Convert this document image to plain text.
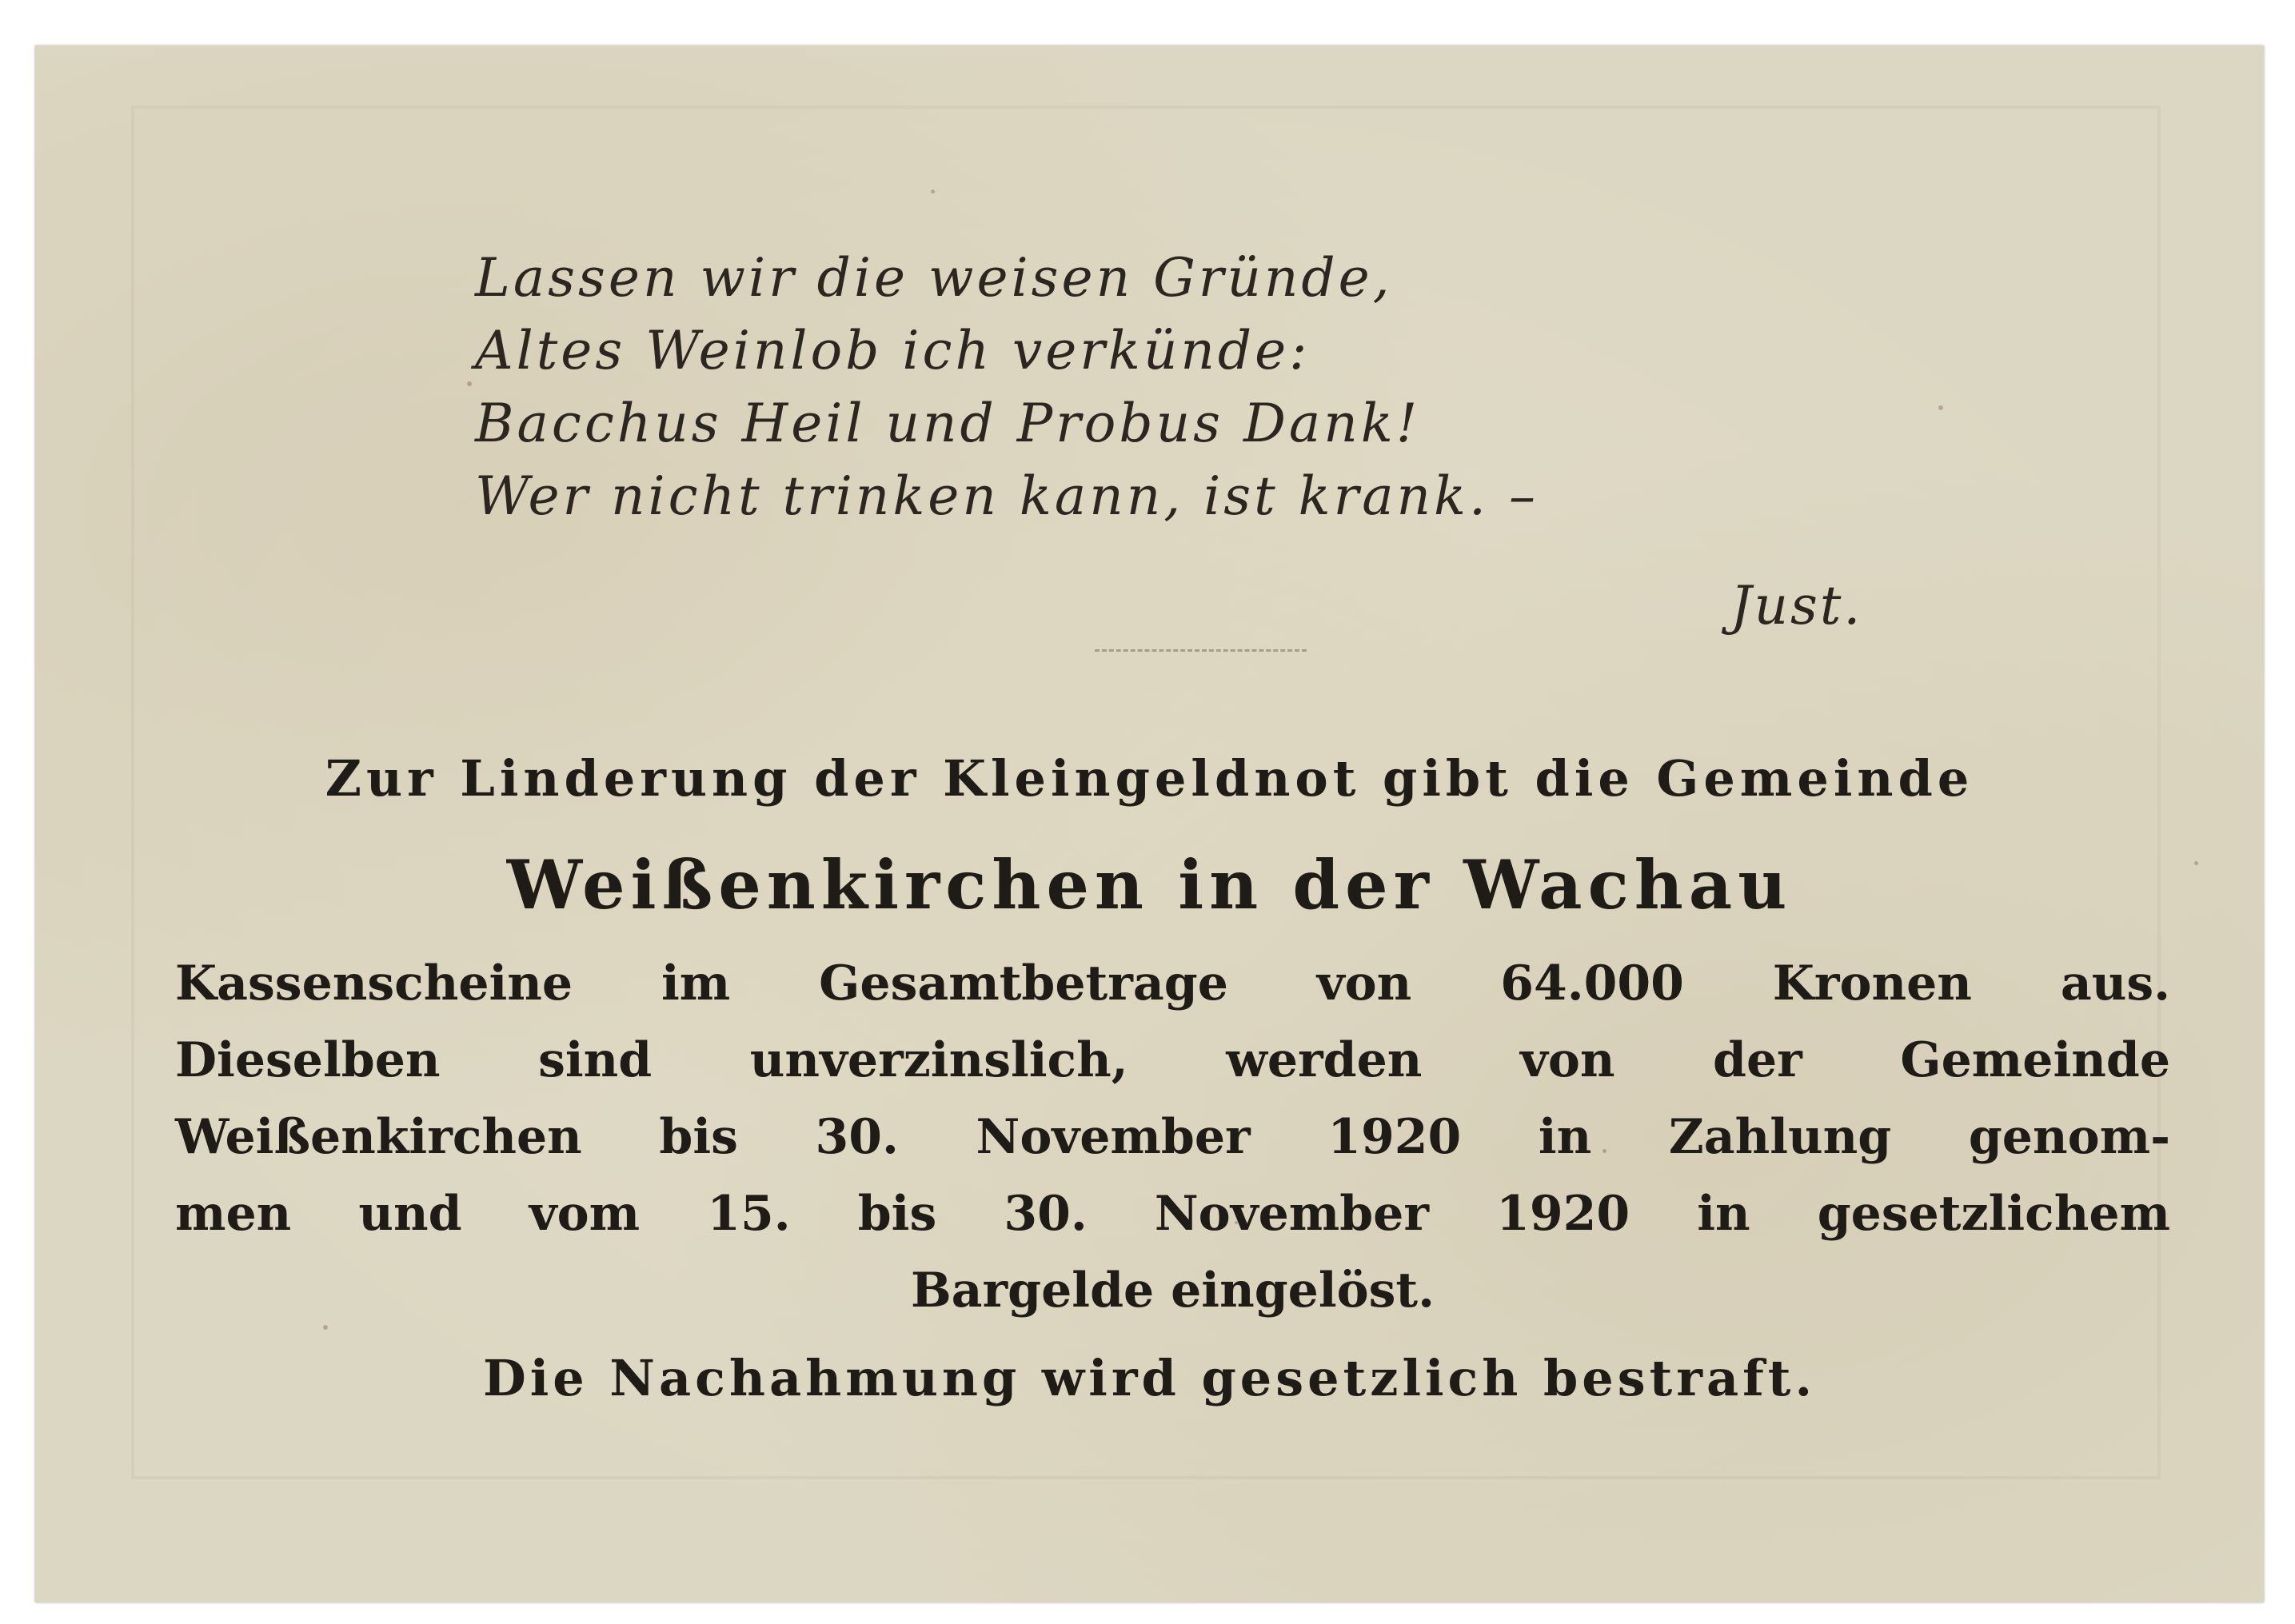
Lassen wir die weisen Gründe,
Altes Weinlob ich verkünde:
Bacchus Heil und Probus Dank!
Wer nicht trinken kann, ist krank. –
Just.
Zur Linderung der Kleingeldnot gibt die Gemeinde
Weißenkirchen in der Wachau
Kassenscheine im Gesamtbetrage von 64.000 Kronen aus.
Dieselben sind unverzinslich, werden von der Gemeinde
Weißenkirchen bis 30. November 1920 in Zahlung genom-
men und vom 15. bis 30. November 1920 in gesetzlichem
Bargelde eingelöst.
Die Nachahmung wird gesetzlich bestraft.
